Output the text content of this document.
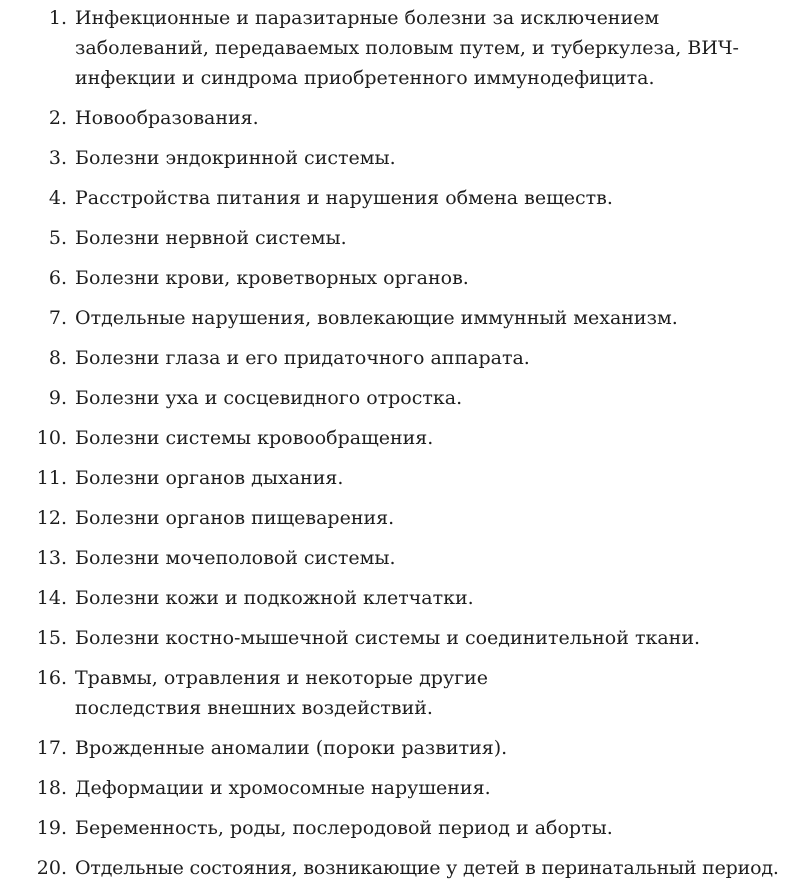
1. Инфекционные и паразитарные болезни за исключением заболеваний, передаваемых половым путем, и туберкулеза, ВИЧ-инфекции и синдрома приобретенного иммунодефицита.
2. Новообразования.
3. Болезни эндокринной системы.
4. Расстройства питания и нарушения обмена веществ.
5. Болезни нервной системы.
6. Болезни крови, кроветворных органов.
7. Отдельные нарушения, вовлекающие иммунный механизм.
8. Болезни глаза и его придаточного аппарата.
9. Болезни уха и сосцевидного отростка.
10. Болезни системы кровообращения.
11. Болезни органов дыхания.
12. Болезни органов пищеварения.
13. Болезни мочеполовой системы.
14. Болезни кожи и подкожной клетчатки.
15. Болезни костно-мышечной системы и соединительной ткани.
16. Травмы, отравления и некоторые другие последствия внешних воздействий.
17. Врожденные аномалии (пороки развития).
18. Деформации и хромосомные нарушения.
19. Беременность, роды, послеродовой период и аборты.
20. Отдельные состояния, возникающие у детей в перинатальный период.
